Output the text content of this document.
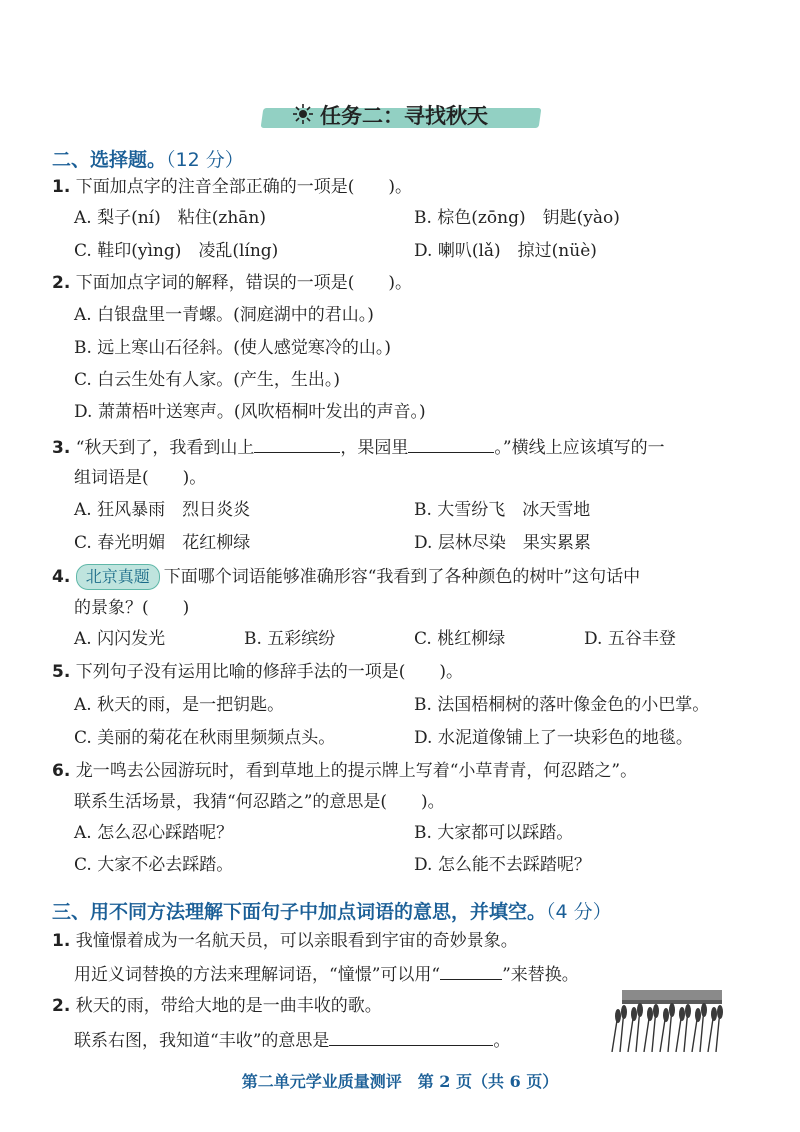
任务二：寻找秋天
二、选择题。（12 分）
1. 下面加点字的注音全部正确的一项是(　　)。
A. 梨子(ní)　粘住(zhān)	B. 棕色(zōng)　钥匙(yào)
C. 鞋印(yìng)　凌乱(líng)	D. 喇叭(lǎ)　掠过(nüè)
2. 下面加点字词的解释，错误的一项是(　　)。
A. 白银盘里一青螺。(洞庭湖中的君山。)
B. 远上寒山石径斜。(使人感觉寒冷的山。)
C. 白云生处有人家。(产生，生出。)
D. 萧萧梧叶送寒声。(风吹梧桐叶发出的声音。)
3. “秋天到了，我看到山上	，果园里	。”横线上应该填写的一
组词语是(　　)。
A. 狂风暴雨　烈日炎炎	B. 大雪纷飞　冰天雪地
C. 春光明媚　花红柳绿	D. 层林尽染　果实累累
4. 北京真题 下面哪个词语能够准确形容“我看到了各种颜色的树叶”这句话中
的景象？(　　)
A. 闪闪发光	B. 五彩缤纷	C. 桃红柳绿	D. 五谷丰登
5. 下列句子没有运用比喻的修辞手法的一项是(　　)。
A. 秋天的雨，是一把钥匙。	B. 法国梧桐树的落叶像金色的小巴掌。
C. 美丽的菊花在秋雨里频频点头。	D. 水泥道像铺上了一块彩色的地毯。
6. 龙一鸣去公园游玩时，看到草地上的提示牌上写着“小草青青，何忍踏之”。
联系生活场景，我猜“何忍踏之”的意思是(　　)。
A. 怎么忍心踩踏呢？	B. 大家都可以踩踏。
C. 大家不必去踩踏。	D. 怎么能不去踩踏呢？
三、用不同方法理解下面句子中加点词语的意思，并填空。（4 分）
1. 我憧憬着成为一名航天员，可以亲眼看到宇宙的奇妙景象。
用近义词替换的方法来理解词语，“憧憬”可以用“	”来替换。
2. 秋天的雨，带给大地的是一曲丰收的歌。
联系右图，我知道“丰收”的意思是	。
第二单元学业质量测评　第 2 页（共 6 页）
